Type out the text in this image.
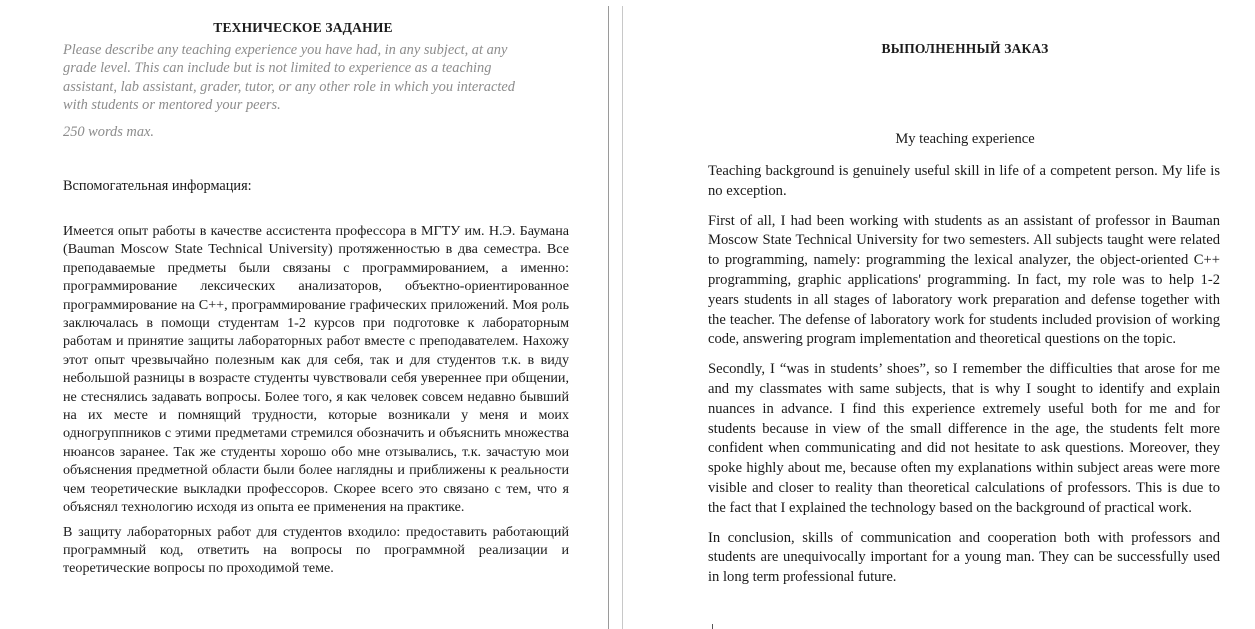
ТЕХНИЧЕСКОЕ ЗАДАНИЕ

Please describe any teaching experience you have had, in any subject, at any grade level. This can include but is not limited to experience as a teaching assistant, lab assistant, grader, tutor, or any other role in which you interacted with students or mentored your peers.

250 words max.

Вспомогательная информация:

Имеется опыт работы в качестве ассистента профессора в МГТУ им. Н.Э. Баумана (Bauman Moscow State Technical University) протяженностью в два семестра. Все преподаваемые предметы были связаны с программированием, а именно: программирование лексических анализаторов, объектно-ориентированное программирование на С++, программирование графических приложений. Моя роль заключалась в помощи студентам 1-2 курсов при подготовке к лабораторным работам и принятие защиты лабораторных работ вместе с преподавателем. Нахожу этот опыт чрезвычайно полезным как для себя, так и для студентов т.к. в виду небольшой разницы в возрасте студенты чувствовали себя увереннее при общении, не стеснялись задавать вопросы. Более того, я как человек совсем недавно бывший на их месте и помнящий трудности, которые возникали у меня и моих одногруппников с этими предметами стремился обозначить и объяснить множества нюансов заранее. Так же студенты хорошо обо мне отзывались, т.к. зачастую мои объяснения предметной области были более наглядны и приближены к реальности чем теоретические выкладки профессоров. Скорее всего это связано с тем, что я объяснял технологию исходя из опыта ее применения на практике.

В защиту лабораторных работ для студентов входило: предоставить работающий программный код, ответить на вопросы по программной реализации и теоретические вопросы по проходимой теме.

ВЫПОЛНЕННЫЙ ЗАКАЗ
My teaching experience

Teaching background is genuinely useful skill in life of a competent person. My life is no exception.

First of all, I had been working with students as an assistant of professor in Bauman Moscow State Technical University for two semesters. All subjects taught were related to programming, namely: programming the lexical analyzer, the object-oriented C++ programming, graphic applications' programming. In fact, my role was to help 1-2 years students in all stages of laboratory work preparation and defense together with the teacher. The defense of laboratory work for students included provision of working code, answering program implementation and theoretical questions on the topic.

Secondly, I “was in students’ shoes”, so I remember the difficulties that arose for me and my classmates with same subjects, that is why I sought to identify and explain nuances in advance. I find this experience extremely useful both for me and for students because in view of the small difference in the age, the students felt more confident when communicating and did not hesitate to ask questions. Moreover, they spoke highly about me, because often my explanations within subject areas were more visible and closer to reality than theoretical calculations of professors. This is due to the fact that I explained the technology based on the background of practical work.

In conclusion, skills of communication and cooperation both with professors and students are unequivocally important for a young man. They can be successfully used in long term professional future.
